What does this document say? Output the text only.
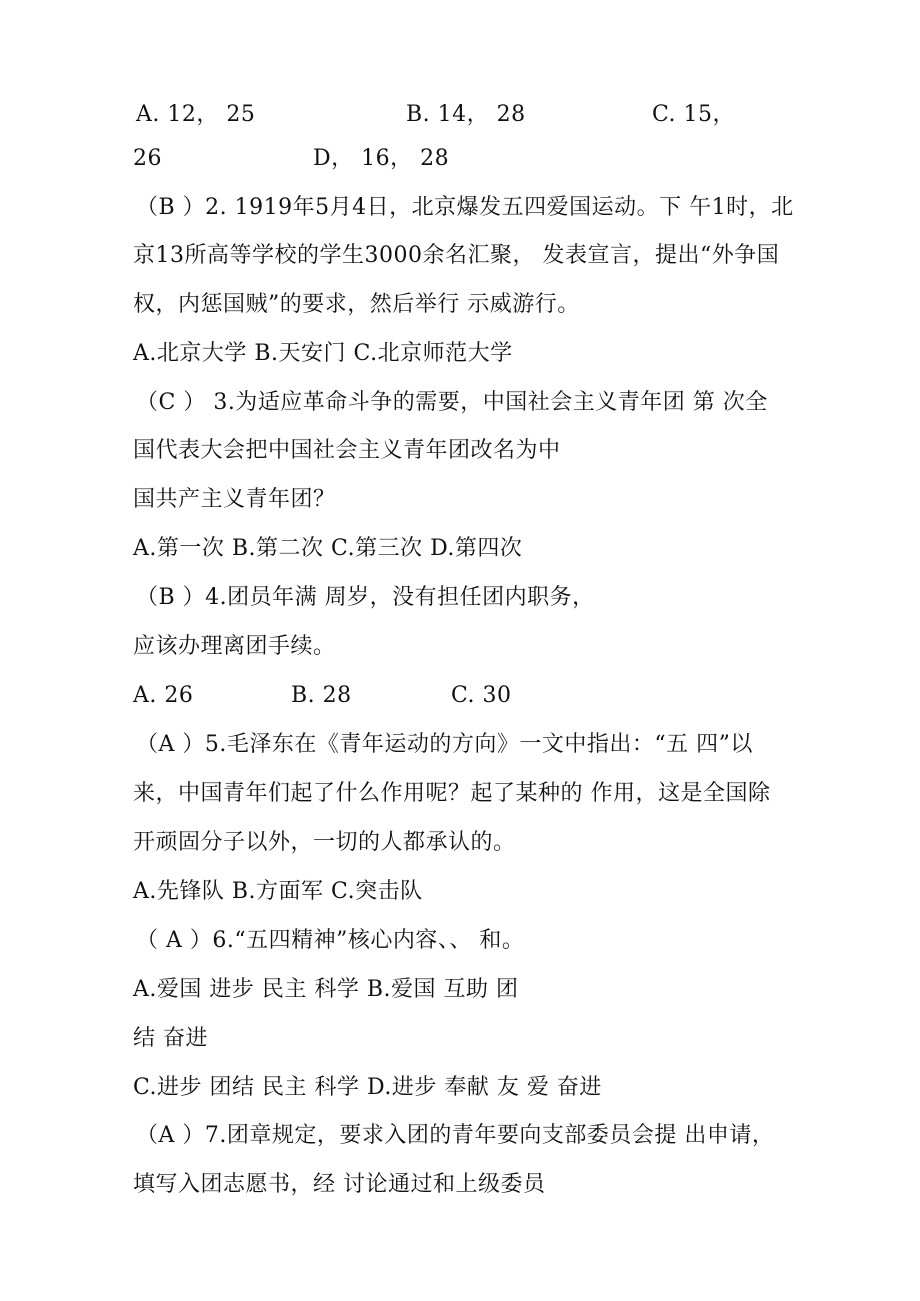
A. 12， 25	B. 14， 28	C. 15，
26	D， 16， 28
（B ）2. 1919年5月4日，北京爆发五四爱国运动。下 午1时，北
京13所高等学校的学生3000余名汇聚， 发表宣言，提出“外争国
权，内惩国贼”的要求，然后举行 示威游行。
A.北京大学 B.天安门 C.北京师范大学
（C ） 3.为适应革命斗争的需要，中国社会主义青年团 第 次全
国代表大会把中国社会主义青年团改名为中
国共产主义青年团？
A.第一次 B.第二次 C.第三次 D.第四次
（B ）4.团员年满 周岁，没有担任团内职务，
应该办理离团手续。
A. 26	B. 28	C. 30
（A ）5.毛泽东在《青年运动的方向》一文中指出：“五 四”以
来，中国青年们起了什么作用呢？起了某种的 作用，这是全国除
开顽固分子以外，一切的人都承认的。
A.先锋队 B.方面军 C.突击队
（ A ）6.“五四精神”核心内容、、 和。
A.爱国 进步 民主 科学 B.爱国 互助 团
结 奋进
C.进步 团结 民主 科学 D.进步 奉献 友 爱 奋进
（A ）7.团章规定，要求入团的青年要向支部委员会提 出申请，
填写入团志愿书，经 讨论通过和上级委员
